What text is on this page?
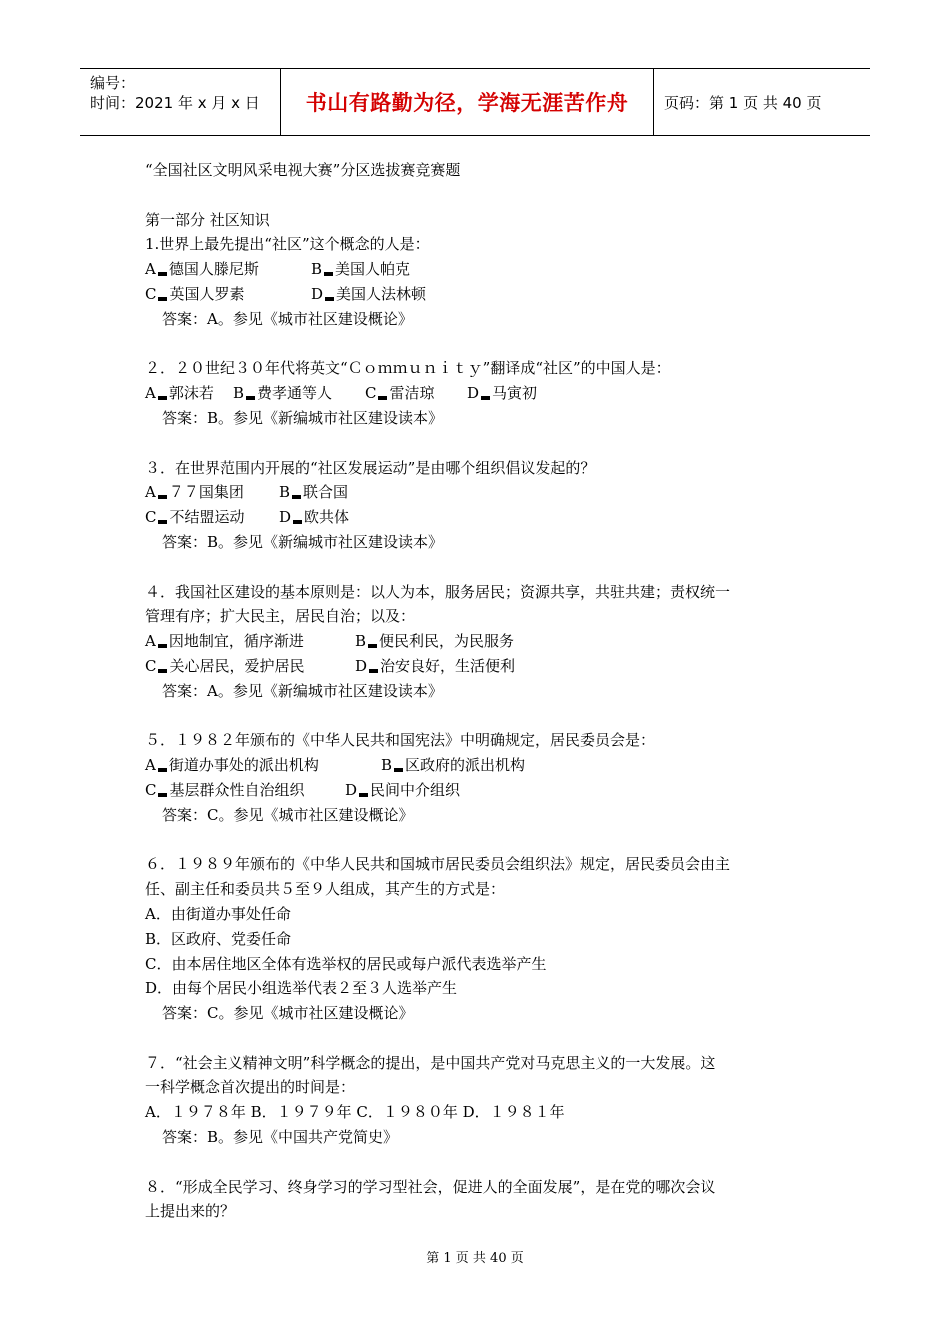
编号：
时间：2021 年 x 月 x 日	书山有路勤为径，学海无涯苦作舟 页码：第 1 页 共 40 页
“全国社区文明风采电视大赛”分区选拔赛竞赛题
第一部分 社区知识
1.世界上最先提出“社区”这个概念的人是：
A 德国人滕尼斯	B 美国人帕克
C 英国人罗素	D 美国人法林顿
答案：A。参见《城市社区建设概论》
２．２０世纪３０年代将英文“Ｃｏｍｍｕｎｉｔｙ”翻译成“社区”的中国人是：
A 郭沫若 B 费孝通等人 C 雷洁琼 D 马寅初
答案：B。参见《新编城市社区建设读本》
３．在世界范围内开展的“社区发展运动”是由哪个组织倡议发起的？
A ７７国集团 B 联合国
C 不结盟运动 D 欧共体
答案：B。参见《新编城市社区建设读本》
４．我国社区建设的基本原则是：以人为本，服务居民；资源共享，共驻共建；责权统一
管理有序；扩大民主，居民自治；以及：
A 因地制宜，循序渐进	B 便民利民，为民服务
C 关心居民，爱护居民	D 治安良好，生活便利
答案：A。参见《新编城市社区建设读本》
５．１９８２年颁布的《中华人民共和国宪法》中明确规定，居民委员会是：
A 街道办事处的派出机构	B 区政府的派出机构
C 基层群众性自治组织	D 民间中介组织
答案：C。参见《城市社区建设概论》
６．１９８９年颁布的《中华人民共和国城市居民委员会组织法》规定，居民委员会由主
任、副主任和委员共５至９人组成，其产生的方式是：
A．由街道办事处任命
B．区政府、党委任命
C．由本居住地区全体有选举权的居民或每户派代表选举产生
D．由每个居民小组选举代表２至３人选举产生
答案：C。参见《城市社区建设概论》
７．“社会主义精神文明”科学概念的提出，是中国共产党对马克思主义的一大发展。这
一科学概念首次提出的时间是：
A．１９７８年 B．１９７９年 C．１９８０年 D．１９８１年
答案：B。参见《中国共产党简史》
８．“形成全民学习、终身学习的学习型社会，促进人的全面发展”，是在党的哪次会议
上提出来的？
第 1 页 共 40 页
